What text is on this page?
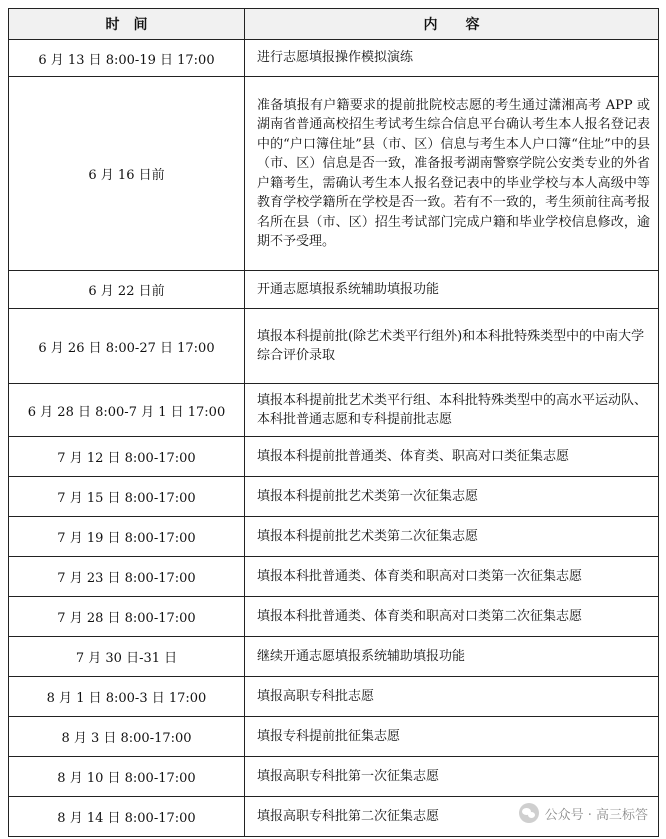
时　间	内　　容
6 月 13 日 8:00-19 日 17:00	进行志愿填报操作模拟演练
6 月 16 日前	准备填报有户籍要求的提前批院校志愿的考生通过潇湘高考 APP 或湖南省普通高校招生考试考生综合信息平台确认考生本人报名登记表中的“户口簿住址”县（市、区）信息与考生本人户口簿“住址”中的县（市、区）信息是否一致，准备报考湖南警察学院公安类专业的外省户籍考生，需确认考生本人报名登记表中的毕业学校与本人高级中等教育学校学籍所在学校是否一致。若有不一致的，考生须前往高考报名所在县（市、区）招生考试部门完成户籍和毕业学校信息修改，逾期不予受理。
6 月 22 日前	开通志愿填报系统辅助填报功能
6 月 26 日 8:00-27 日 17:00	填报本科提前批(除艺术类平行组外)和本科批特殊类型中的中南大学综合评价录取
6 月 28 日 8:00-7 月 1 日 17:00	填报本科提前批艺术类平行组、本科批特殊类型中的高水平运动队、本科批普通志愿和专科提前批志愿
7 月 12 日 8:00-17:00	填报本科提前批普通类、体育类、职高对口类征集志愿
7 月 15 日 8:00-17:00	填报本科提前批艺术类第一次征集志愿
7 月 19 日 8:00-17:00	填报本科提前批艺术类第二次征集志愿
7 月 23 日 8:00-17:00	填报本科批普通类、体育类和职高对口类第一次征集志愿
7 月 28 日 8:00-17:00	填报本科批普通类、体育类和职高对口类第二次征集志愿
7 月 30 日-31 日	继续开通志愿填报系统辅助填报功能
8 月 1 日 8:00-3 日 17:00	填报高职专科批志愿
8 月 3 日 8:00-17:00	填报专科提前批征集志愿
8 月 10 日 8:00-17:00	填报高职专科批第一次征集志愿
8 月 14 日 8:00-17:00	填报高职专科批第二次征集志愿	公众号 · 高三标答
